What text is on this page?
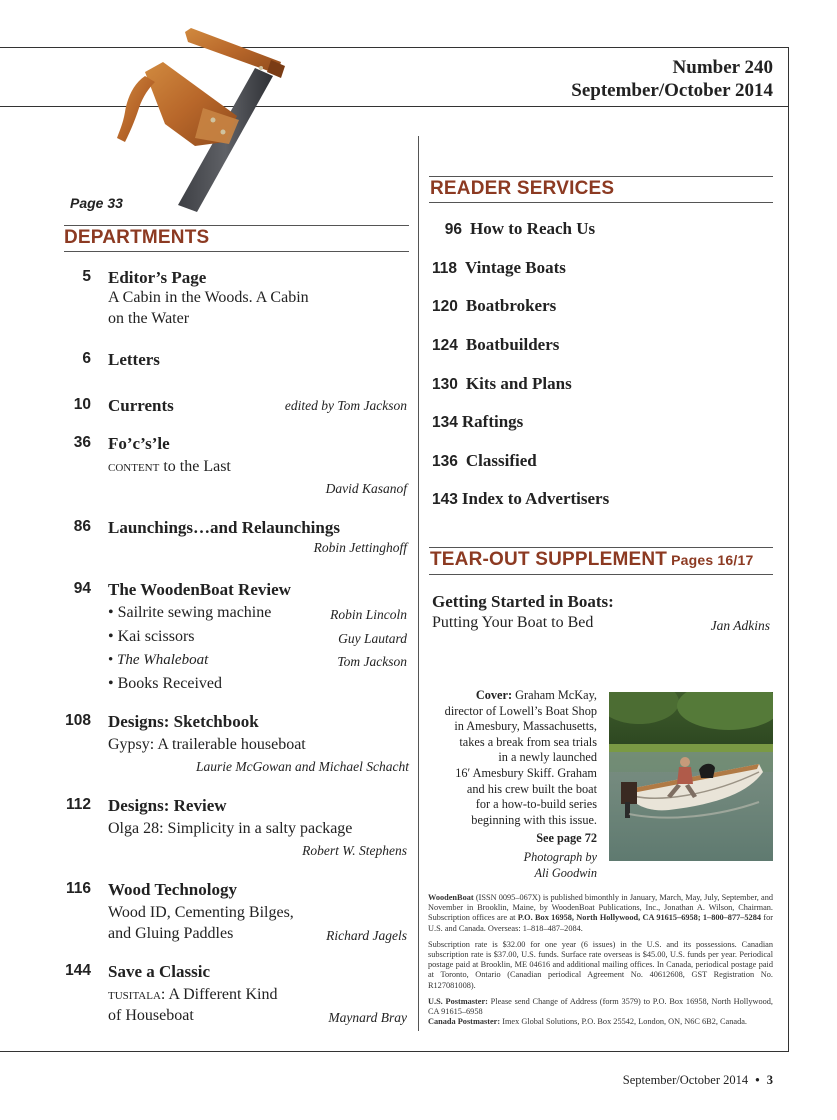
Number 240
September/October 2014
Page 33
DEPARTMENTS
5 Editor’s Page
A Cabin in the Woods. A Cabin
on the Water
6 Letters
10 Currents	edited by Tom Jackson
36 Fo’c’s’le
content to the Last
David Kasanof
86 Launchings…and Relaunchings
Robin Jettinghoff
94 The WoodenBoat Review
• Sailrite sewing machine	Robin Lincoln
• Kai scissors	Guy Lautard
• The Whaleboat	Tom Jackson
• Books Received
108 Designs: Sketchbook
Gypsy: A trailerable houseboat
Laurie McGowan and Michael Schacht
112 Designs: Review
Olga 28: Simplicity in a salty package
Robert W. Stephens
116 Wood Technology
Wood ID, Cementing Bilges,
and Gluing Paddles	Richard Jagels
144 Save a Classic
tusitala: A Different Kind
of Houseboat	Maynard Bray
READER SERVICES
96 How to Reach Us
118 Vintage Boats
120 Boatbrokers
124 Boatbuilders
130 Kits and Plans
134 Raftings
136 Classified
143 Index to Advertisers
TEAR-OUT SUPPLEMENT Pages 16/17
Getting Started in Boats:
Putting Your Boat to Bed	Jan Adkins
Cover: Graham McKay,
director of Lowell’s Boat Shop
in Amesbury, Massachusetts,
takes a break from sea trials
in a newly launched
16′ Amesbury Skiff. Graham
and his crew built the boat
for a how-to-build series
beginning with this issue.
See page 72
Photograph by
Ali Goodwin

WoodenBoat (ISSN 0095–067X) is published bimonthly in January, March, May, July, September, and November in Brooklin, Maine, by WoodenBoat Publications, Inc., Jonathan A. Wilson, Chairman. Subscription offices are at P.O. Box 16958, North Hollywood, CA 91615–6958; 1–800–877–5284 for U.S. and Canada. Overseas: 1–818–487–2084.

Subscription rate is $32.00 for one year (6 issues) in the U.S. and its possessions. Canadian subscription rate is $37.00, U.S. funds. Surface rate overseas is $45.00, U.S. funds per year. Periodical postage paid at Brooklin, ME 04616 and additional mailing offices. In Canada, periodical postage paid at Toronto, Ontario (Canadian periodical Agreement No. 40612608, GST Registration No. R127081008).

U.S. Postmaster: Please send Change of Address (form 3579) to P.O. Box 16958, North Hollywood, CA 91615–6958

Canada Postmaster: Imex Global Solutions, P.O. Box 25542, London, ON, N6C 6B2, Canada.

September/October 2014 • 3
